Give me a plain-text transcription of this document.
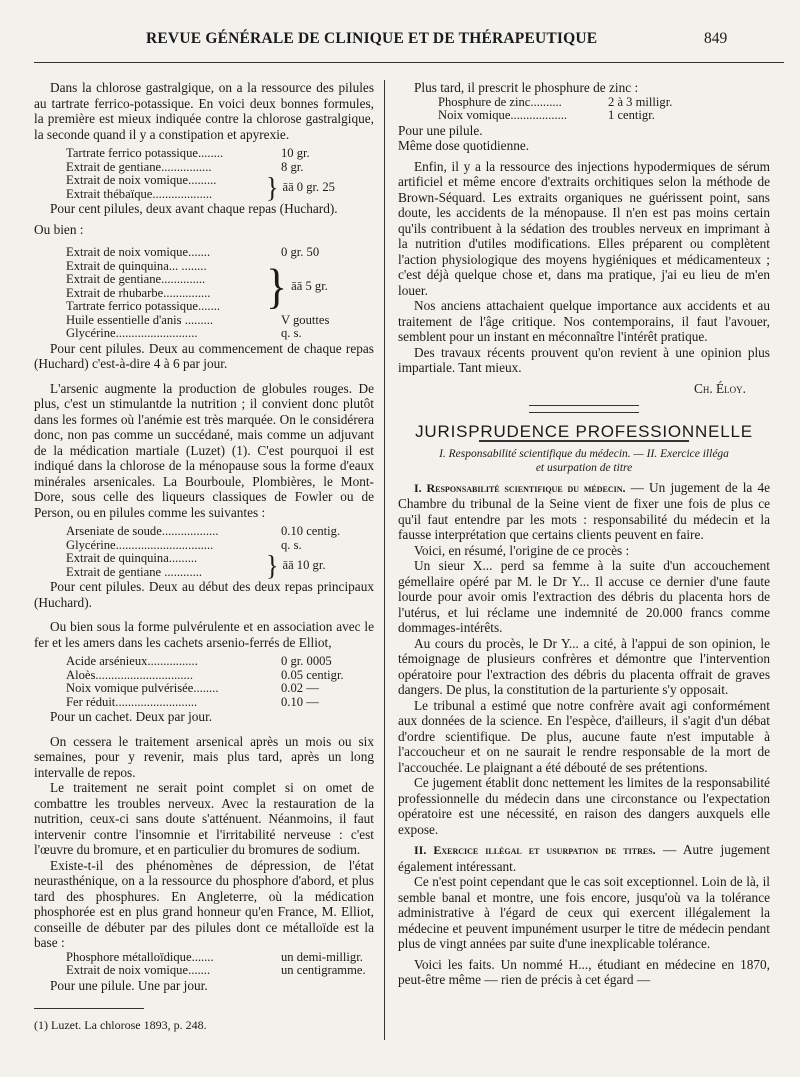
REVUE GÉNÉRALE DE CLINIQUE ET DE THÉRAPEUTIQUE	849

Dans la chlorose gastralgique, on a la ressource des pilules au tartrate ferrico-potassique. En voici deux bonnes formules, la première est mieux indiquée contre la chlorose gastralgique, la seconde quand il y a constipation et apyrexie.

Tartrate ferrico potassique........	10 gr.
Extrait de gentiane................	8 gr.
Extrait de noix vomique.........
Extrait thébaïque...................	} āā 0 gr. 25

Pour cent pilules, deux avant chaque repas (Huchard).

Ou bien :

Extrait de noix vomique.......	0 gr. 50
Extrait de quinquina... ........
Extrait de gentiane..............
Extrait de rhubarbe...............
Tartrate ferrico potassique.......	} āā 5 gr.
Huile essentielle d'anis .........	V gouttes
Glycérine..........................	q. s.

Pour cent pilules. Deux au commencement de chaque repas (Huchard) c'est-à-dire 4 à 6 par jour.

L'arsenic augmente la production de globules rouges. De plus, c'est un stimulantde la nutrition ; il convient donc plutôt dans les formes où l'anémie est très marquée. On le considérera donc, non pas comme un succédané, mais comme un adjuvant de la médication martiale (Luzet) (1). C'est pourquoi il est indiqué dans la chlorose de la ménopause sous la forme d'eaux minérales arsenicales. La Bourboule, Plombières, le Mont-Dore, sous celle des liqueurs classiques de Fowler ou de Person, ou en pilules comme les suivantes :

Arseniate de soude..................	0.10 centig.
Glycérine...............................	q. s.
Extrait de quinquina.........
Extrait de gentiane ............	} āā 10 gr.

Pour cent pilules. Deux au début des deux repas principaux (Huchard).

Ou bien sous la forme pulvérulente et en association avec le fer et les amers dans les cachets arsenio-ferrés de Elliot,

Acide arsénieux................	0 gr. 0005
Aloès...............................	0.05 centigr.
Noix vomique pulvérisée........	0.02 —
Fer réduit..........................	0.10 —

Pour un cachet. Deux par jour.

On cessera le traitement arsenical après un mois ou six semaines, pour y revenir, mais plus tard, après un long intervalle de repos.

Le traitement ne serait point complet si on omet de combattre les troubles nerveux. Avec la restauration de la nutrition, ceux-ci sans doute s'atténuent. Néanmoins, il faut intervenir contre l'insomnie et l'irritabilité nerveuse : c'est l'œuvre du bromure, et en particulier du bromures de sodium.

Existe-t-il des phénomènes de dépression, de l'état neurasthénique, on a la ressource du phosphore d'abord, et plus tard des phosphures. En Angleterre, où la médication phosphorée est en plus grand honneur qu'en France, M. Elliot, conseille de débuter par des pilules dont ce métalloïde est la base :

Phosphore métalloïdique.......	un demi-milligr.
Extrait de noix vomique.......	un centigramme.

Pour une pilule. Une par jour.

(1) Luzet. La chlorose 1893, p. 248.

Plus tard, il prescrit le phosphure de zinc :

Phosphure de zinc..........	2 à 3 milligr.
Noix vomique..................	1 centigr.

Pour une pilule.

Même dose quotidienne.

Enfin, il y a la ressource des injections hypodermiques de sérum artificiel et même encore d'extraits orchitiques selon la méthode de Brown-Séquard. Les extraits organiques ne guérissent point, sans doute, les accidents de la ménopause. Il n'en est pas moins certain qu'ils contribuent à la sédation des troubles nerveux en imprimant à la nutrition d'utiles modifications. Elles préparent ou complètent l'action physiologique des moyens hygiéniques et médicamenteux ; c'est déjà quelque chose et, dans ma pratique, j'ai eu lieu de m'en louer.

Nos anciens attachaient quelque importance aux accidents et au traitement de l'âge critique. Nos contemporains, il faut l'avouer, semblent pour un instant en méconnaître l'intérêt pratique.

Des travaux récents prouvent qu'on revient à une opinion plus impartiale. Tant mieux.

Ch. Éloy.

JURISPRUDENCE PROFESSIONNELLE
I. Responsabilité scientifique du médecin. — II. Exercice illéga
et usurpation de titre

I. Responsabilité scientifique du médecin. — Un jugement de la 4e Chambre du tribunal de la Seine vient de fixer une fois de plus ce qu'il faut entendre par les mots : responsabilité du médecin et la fausse interprétation que certains clients peuvent en faire.

Voici, en résumé, l'origine de ce procès :

Un sieur X... perd sa femme à la suite d'un accouchement gémellaire opéré par M. le Dr Y... Il accuse ce dernier d'une faute lourde pour avoir omis l'extraction des débris du placenta hors de l'utérus, et lui réclame une indemnité de 20.000 francs comme dommages-intérêts.

Au cours du procès, le Dr Y... a cité, à l'appui de son opinion, le témoignage de plusieurs confrères et démontre que l'intervention opératoire pour l'extraction des débris du placenta offrait de graves dangers. De plus, la constitution de la parturiente s'y opposait.

Le tribunal a estimé que notre confrère avait agi conformément aux données de la science. En l'espèce, d'ailleurs, il s'agit d'un débat d'ordre scientifique. De plus, aucune faute n'est imputable à l'accoucheur et on ne saurait le rendre responsable de la mort de l'accouchée. Le plaignant a été débouté de ses prétentions.

Ce jugement établit donc nettement les limites de la responsabilité professionnelle du médecin dans une circonstance ou l'expectation opératoire est une nécessité, en raison des dangers auxquels elle expose.

II. Exercice illégal et usurpation de titres. — Autre jugement également intéressant.

Ce n'est point cependant que le cas soit exceptionnel. Loin de là, il semble banal et montre, une fois encore, jusqu'où va la tolérance administrative à l'égard de ceux qui exercent illégalement la médecine et peuvent impunément usurper le titre de médecin pendant plus de vingt années par suite d'une inexplicable tolérance.

Voici les faits. Un nommé H..., étudiant en médecine en 1870, peut-être même — rien de précis à cet égard —
